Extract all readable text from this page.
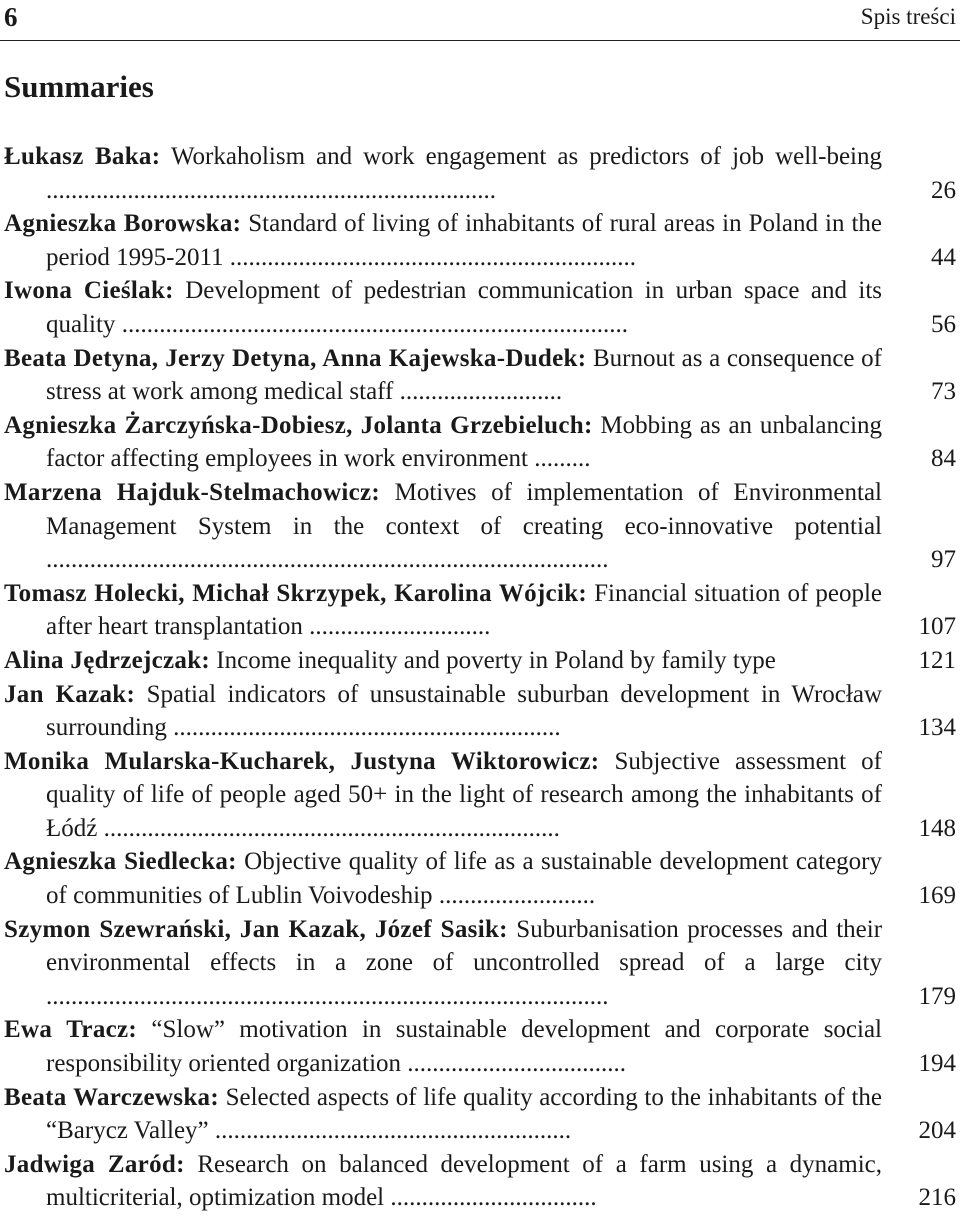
6	Spis treści
Summaries
Łukasz Baka: Workaholism and work engagement as predictors of job well-being ........................................................................	26
Agnieszka Borowska: Standard of living of inhabitants of rural areas in Poland in the period 1995-2011 .................................................................	44
Iwona Cieślak: Development of pedestrian communication in urban space and its quality .................................................................................	56
Beata Detyna, Jerzy Detyna, Anna Kajewska-Dudek: Burnout as a consequence of stress at work among medical staff ..........................	73
Agnieszka Żarczyńska-Dobiesz, Jolanta Grzebieluch: Mobbing as an unbalancing factor affecting employees in work environment .........	84
Marzena Hajduk-Stelmachowicz: Motives of implementation of Environmental Management System in the context of creating eco-innovative potential ..........................................................................................	97
Tomasz Holecki, Michał Skrzypek, Karolina Wójcik: Financial situation of people after heart transplantation .............................	107
Alina Jędrzejczak: Income inequality and poverty in Poland by family type	121
Jan Kazak: Spatial indicators of unsustainable suburban development in Wrocław surrounding ..............................................................	134
Monika Mularska-Kucharek, Justyna Wiktorowicz: Subjective assessment of quality of life of people aged 50+ in the light of research among the inhabitants of Łódź .........................................................................	148
Agnieszka Siedlecka: Objective quality of life as a sustainable development category of communities of Lublin Voivodeship .........................	169
Szymon Szewrański, Jan Kazak, Józef Sasik: Suburbanisation processes and their environmental effects in a zone of uncontrolled spread of a large city ..........................................................................................	179
Ewa Tracz: “Slow” motivation in sustainable development and corporate social responsibility oriented organization ...................................	194
Beata Warczewska: Selected aspects of life quality according to the inhabitants of the “Barycz Valley” .........................................................	204
Jadwiga Zaród: Research on balanced development of a farm using a dynamic, multicriterial, optimization model .................................	216
